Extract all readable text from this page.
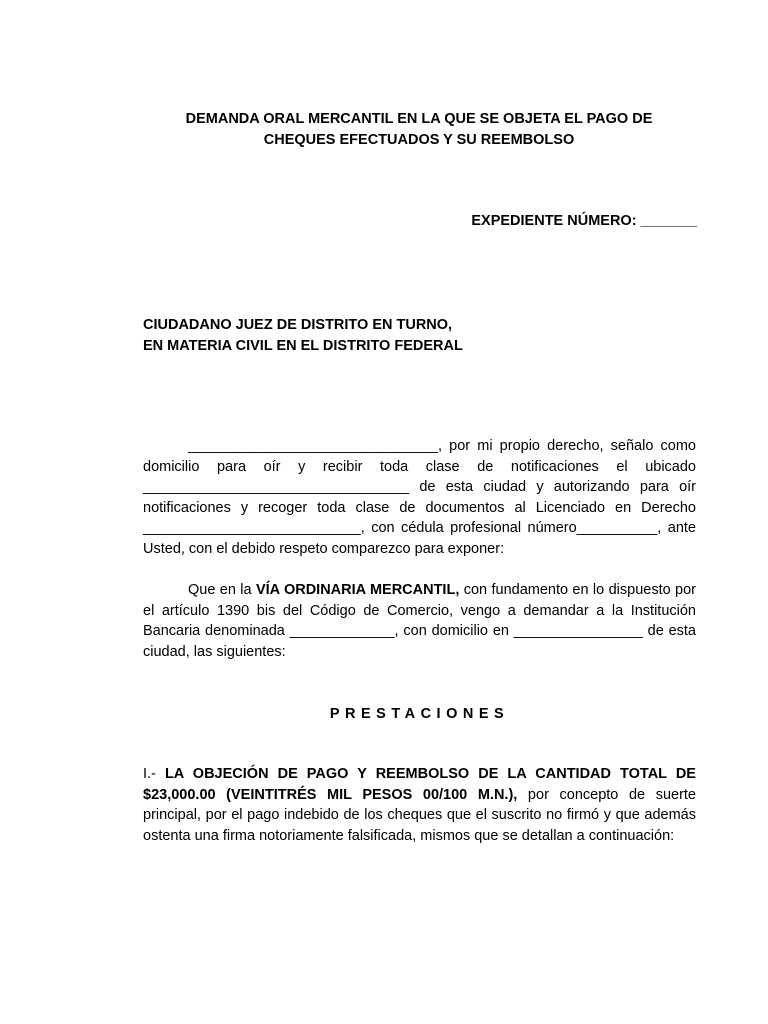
DEMANDA ORAL MERCANTIL EN LA QUE SE OBJETA EL PAGO DE
CHEQUES EFECTUADOS Y SU REEMBOLSO
EXPEDIENTE NÚMERO: _______
CIUDADANO JUEZ DE DISTRITO EN TURNO,
EN MATERIA CIVIL EN EL DISTRITO FEDERAL

_______________________________, por mi propio derecho, señalo como domicilio para oír y recibir toda clase de notificaciones el ubicado _________________________________ de esta ciudad y autorizando para oír notificaciones y recoger toda clase de documentos al Licenciado en Derecho ___________________________, con cédula profesional número__________, ante Usted, con el debido respeto comparezco para exponer:

Que en la VÍA ORDINARIA MERCANTIL, con fundamento en lo dispuesto por el artículo 1390 bis del Código de Comercio, vengo a demandar a la Institución Bancaria denominada _____________, con domicilio en ________________ de esta ciudad, las siguientes:

PRESTACIONES

I.- LA OBJECIÓN DE PAGO Y REEMBOLSO DE LA CANTIDAD TOTAL DE $23,000.00 (VEINTITRÉS MIL PESOS 00/100 M.N.), por concepto de suerte principal, por el pago indebido de los cheques que el suscrito no firmó y que además ostenta una firma notoriamente falsificada, mismos que se detallan a continuación:
